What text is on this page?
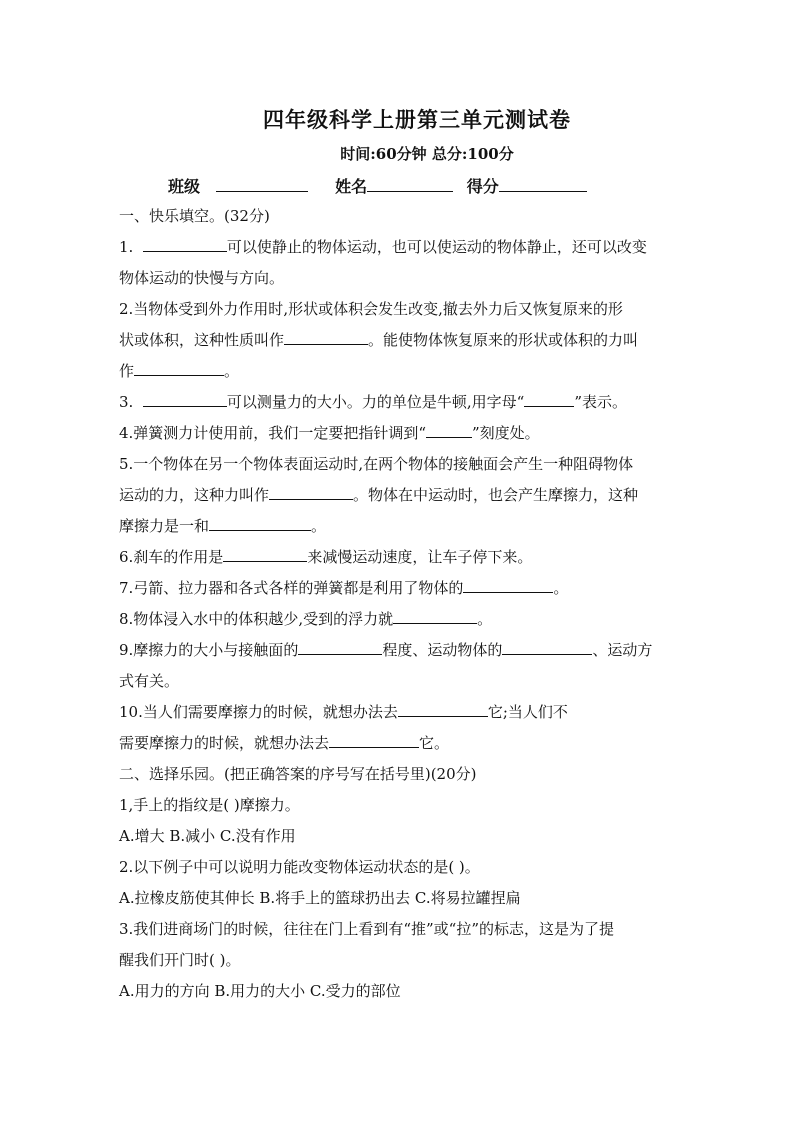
四年级科学上册第三单元测试卷
时间:60分钟 总分:100分
班级	姓名	得分
一、快乐填空。(32分)
1.	可以使静止的物体运动，也可以使运动的物体静止，还可以改变
物体运动的快慢与方向。
2.当物体受到外力作用时,形状或体积会发生改变,撤去外力后又恢复原来的形
状或体积，这种性质叫作	。能使物体恢复原来的形状或体积的力叫
作	。
3.	可以测量力的大小。力的单位是牛顿,用字母“	”表示。
4.弹簧测力计使用前，我们一定要把指针调到“	”刻度处。
5.一个物体在另一个物体表面运动时,在两个物体的接触面会产生一种阻碍物体
运动的力，这种力叫作	。物体在中运动时，也会产生摩擦力，这种
摩擦力是一和	。
6.刹车的作用是	来减慢运动速度，让车子停下来。
7.弓箭、拉力器和各式各样的弹簧都是利用了物体的	。
8.物体浸入水中的体积越少,受到的浮力就	。
9.摩擦力的大小与接触面的	程度、运动物体的	、运动方
式有关。
10.当人们需要摩擦力的时候，就想办法去	它;当人们不
需要摩擦力的时候，就想办法去	它。
二、选择乐园。(把正确答案的序号写在括号里)(20分)
1,手上的指纹是( )摩擦力。
A.增大 B.减小 C.没有作用
2.以下例子中可以说明力能改变物体运动状态的是( )。
A.拉橡皮筋使其伸长 B.将手上的篮球扔出去 C.将易拉罐捏扁
3.我们进商场门的时候，往往在门上看到有“推”或“拉”的标志，这是为了提
醒我们开门时( )。
A.用力的方向 B.用力的大小 C.受力的部位
